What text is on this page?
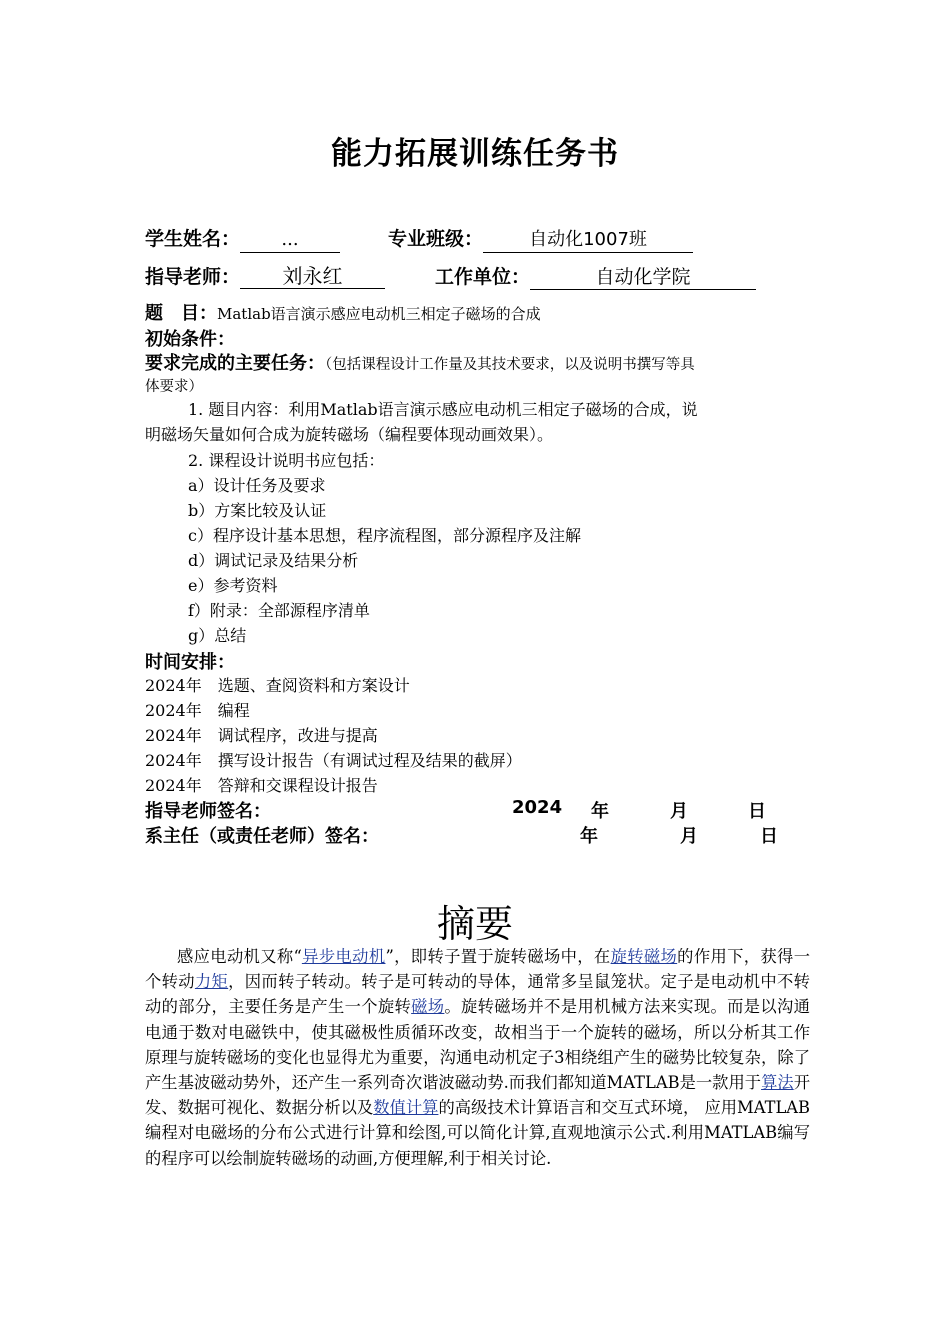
能力拓展训练任务书
学生姓名： ...	专业班级：	自动化1007班
指导老师： 刘永红	工作单位：	自动化学院
题　目：Matlab语言演示感应电动机三相定子磁场的合成
初始条件：
要求完成的主要任务：（包括课程设计工作量及其技术要求，以及说明书撰写等具
体要求）
1. 题目内容：利用Matlab语言演示感应电动机三相定子磁场的合成，说
明磁场矢量如何合成为旋转磁场（编程要体现动画效果）。
2. 课程设计说明书应包括：
a）设计任务及要求
b）方案比较及认证
c）程序设计基本思想，程序流程图，部分源程序及注解
d）调试记录及结果分析
e）参考资料
f）附录：全部源程序清单
g）总结
时间安排：
2024年 选题、查阅资料和方案设计
2024年 编程
2024年 调试程序，改进与提高
2024年 撰写设计报告（有调试过程及结果的截屏）
2024年 答辩和交课程设计报告
指导老师签名：	2024 年	月	日
系主任（或责任老师）签名：	年	月	日
摘要
感应电动机又称“异步电动机”，即转子置于旋转磁场中，在旋转磁场的作用下，获得一个转动力矩，因而转子转动。转子是可转动的导体，通常多呈鼠笼状。定子是电动机中不转动的部分，主要任务是产生一个旋转磁场。旋转磁场并不是用机械方法来实现。而是以沟通电通于数对电磁铁中，使其磁极性质循环改变，故相当于一个旋转的磁场，所以分析其工作原理与旋转磁场的变化也显得尤为重要，沟通电动机定子3相绕组产生的磁势比较复杂，除了产生基波磁动势外，还产生一系列奇次谐波磁动势.而我们都知道MATLAB是一款用于算法开发、数据可视化、数据分析以及数值计算的高级技术计算语言和交互式环境， 应用MATLAB编程对电磁场的分布公式进行计算和绘图,可以简化计算,直观地演示公式.利用MATLAB编写的程序可以绘制旋转磁场的动画,方便理解,利于相关讨论.
